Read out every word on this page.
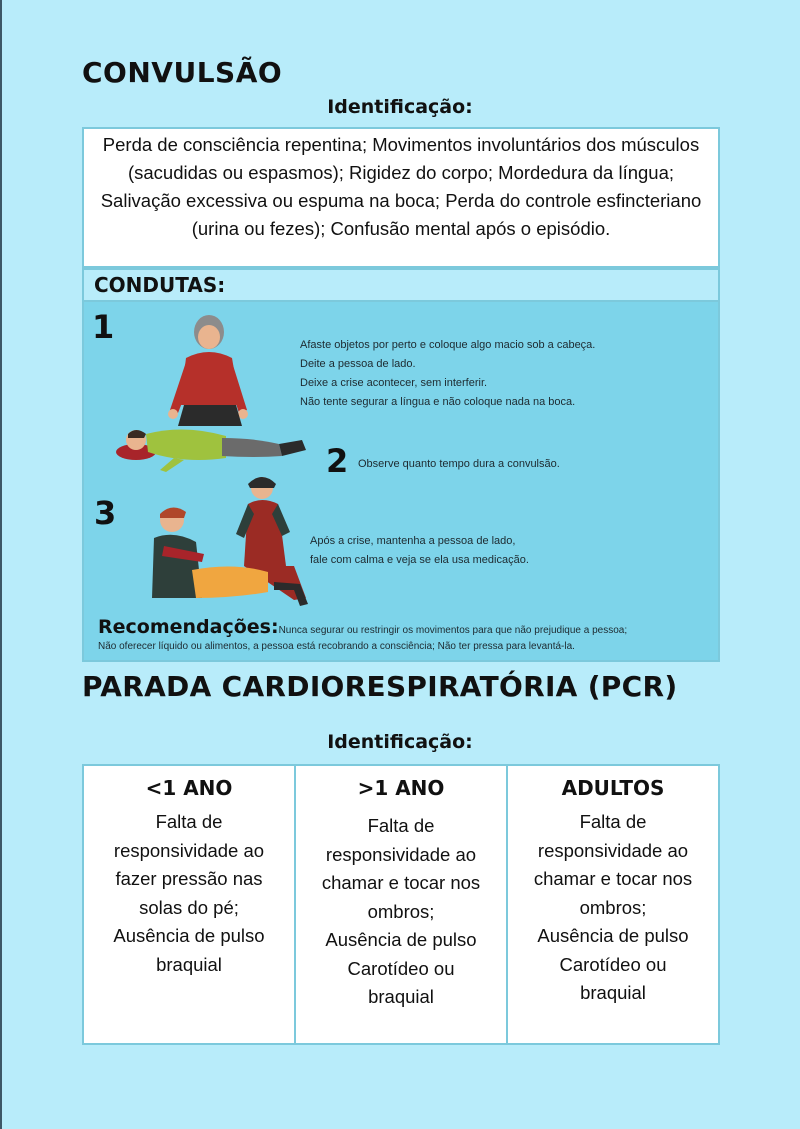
CONVULSÃO
Identificação:
Perda de consciência repentina; Movimentos involuntários dos músculos (sacudidas ou espasmos); Rigidez do corpo; Mordedura da língua; Salivação excessiva ou espuma na boca; Perda do controle esfincteriano (urina ou fezes); Confusão mental após o episódio.
CONDUTAS:
1
2
3
Afaste objetos por perto e coloque algo macio sob a cabeça.
Deite a pessoa de lado.
Deixe a crise acontecer, sem interferir.
Não tente segurar a língua e não coloque nada na boca.
Observe quanto tempo dura a convulsão.
Após a crise, mantenha a pessoa de lado,
fale com calma e veja se ela usa medicação.
Recomendações:Nunca segurar ou restringir os movimentos para que não prejudique a pessoa;
Não oferecer líquido ou alimentos, a pessoa está recobrando a consciência; Não ter pressa para levantá-la.
PARADA CARDIORESPIRATÓRIA (PCR)
Identificação:
<1 ANO
Falta de
responsividade ao
fazer pressão nas
solas do pé;
Ausência de pulso
braquial
>1 ANO
Falta de
responsividade ao
chamar e tocar nos
ombros;
Ausência de pulso
Carotídeo ou
braquial
ADULTOS
Falta de
responsividade ao
chamar e tocar nos
ombros;
Ausência de pulso
Carotídeo ou
braquial
